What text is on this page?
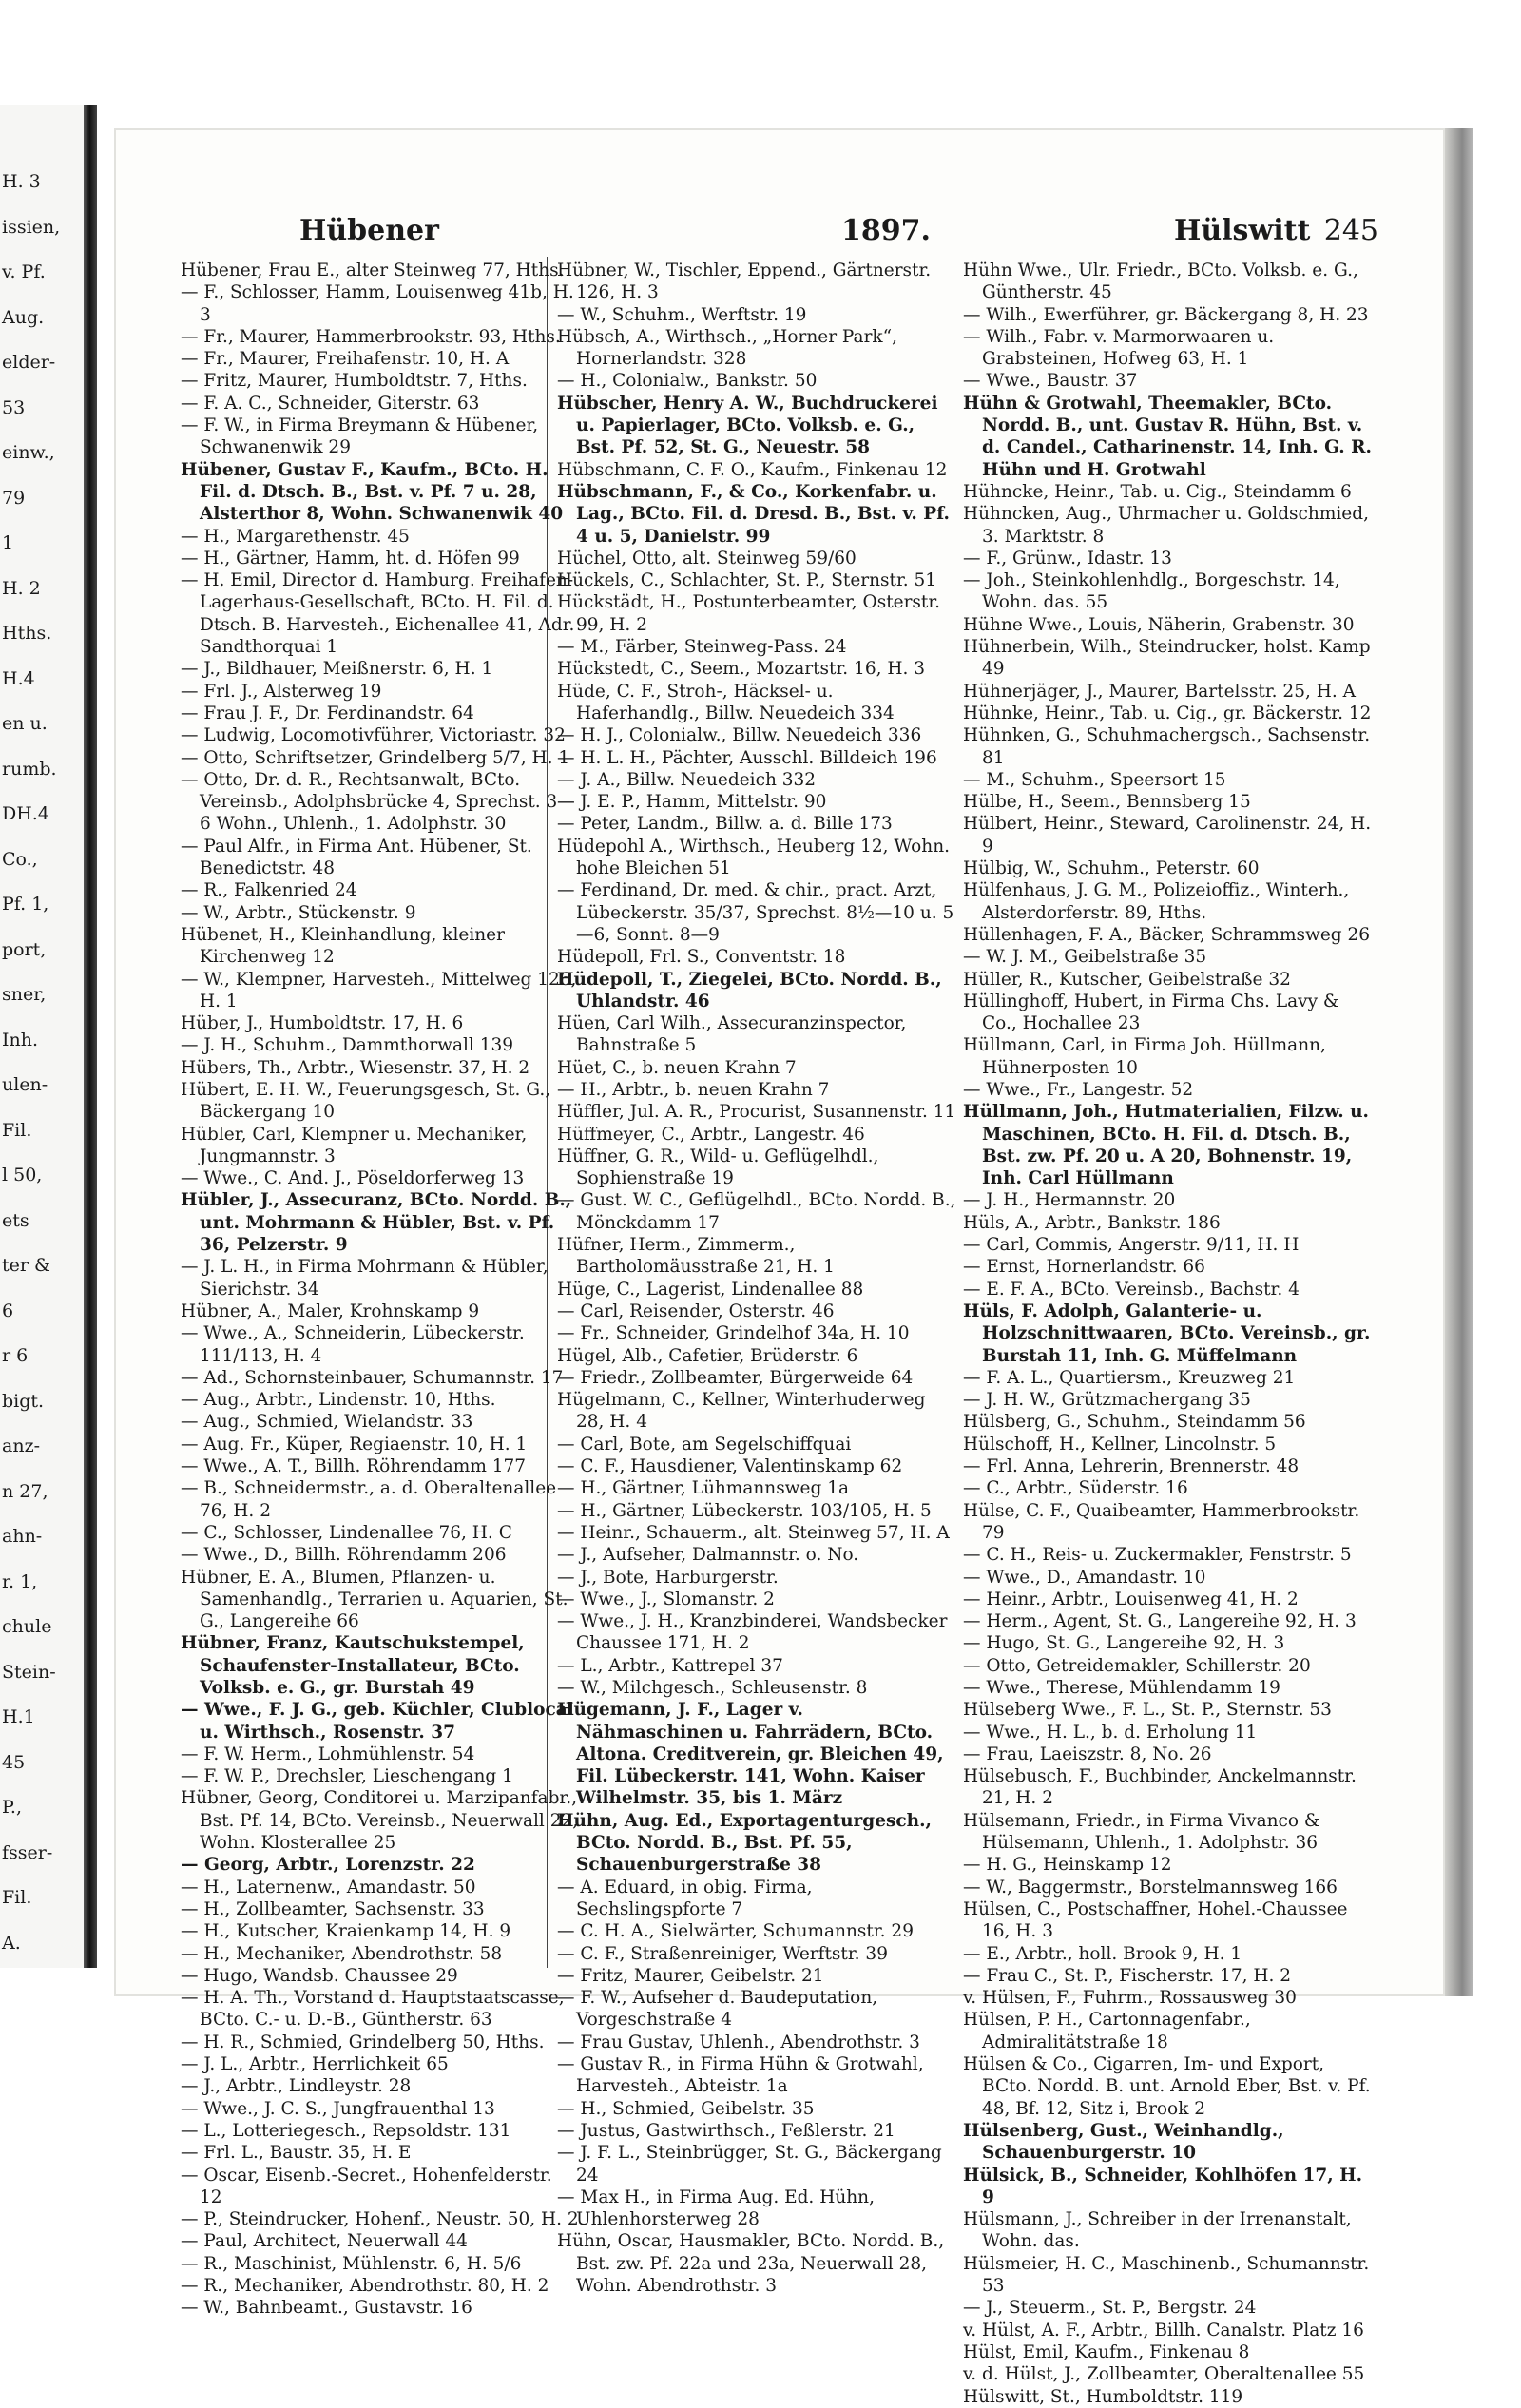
H. 3
issien,
v. Pf.
Aug.
elder-
53
einw.,
79
1
H. 2
Hths.
H.4
en u.
rumb.
DH.4
Co.,
Pf. 1,
port,
sner,
Inh.
ulen-
Fil.
l 50,
ets
ter &
6
r 6
bigt.
anz-
n 27,
ahn-
r. 1,
chule
Stein-
H.1
45
P.,
fsser-
Fil.
A.
Hübener	1897.	Hülswitt 245

Hübener, Frau E., alter Steinweg 77, Hths.

— F., Schlosser, Hamm, Louisenweg 41b, H. 3

— Fr., Maurer, Hammerbrookstr. 93, Hths.

— Fr., Maurer, Freihafenstr. 10, H. A

— Fritz, Maurer, Humboldtstr. 7, Hths.

— F. A. C., Schneider, Giterstr. 63

— F. W., in Firma Breymann & Hübener, Schwanenwik 29

Hübener, Gustav F., Kaufm., BCto. H. Fil. d. Dtsch. B., Bst. v. Pf. 7 u. 28, Alsterthor 8, Wohn. Schwanenwik 40

— H., Margarethenstr. 45

— H., Gärtner, Hamm, ht. d. Höfen 99

— H. Emil, Director d. Hamburg. Freihafen-Lagerhaus-Gesellschaft, BCto. H. Fil. d. Dtsch. B. Harvesteh., Eichenallee 41, Adr. Sandthorquai 1

— J., Bildhauer, Meißnerstr. 6, H. 1

— Frl. J., Alsterweg 19

— Frau J. F., Dr. Ferdinandstr. 64

— Ludwig, Locomotivführer, Victoriastr. 32

— Otto, Schriftsetzer, Grindelberg 5/7, H. 1

— Otto, Dr. d. R., Rechtsanwalt, BCto. Vereinsb., Adolphsbrücke 4, Sprechst. 3—6 Wohn., Uhlenh., 1. Adolphstr. 30

— Paul Alfr., in Firma Ant. Hübener, St. Benedictstr. 48

— R., Falkenried 24

— W., Arbtr., Stückenstr. 9

Hübenet, H., Kleinhandlung, kleiner Kirchenweg 12

— W., Klempner, Harvesteh., Mittelweg 126, H. 1

Hüber, J., Humboldtstr. 17, H. 6

— J. H., Schuhm., Dammthorwall 139

Hübers, Th., Arbtr., Wiesenstr. 37, H. 2

Hübert, E. H. W., Feuerungsgesch, St. G., Bäckergang 10

Hübler, Carl, Klempner u. Mechaniker, Jungmannstr. 3

— Wwe., C. And. J., Pöseldorferweg 13

Hübler, J., Assecuranz, BCto. Nordd. B., unt. Mohrmann & Hübler, Bst. v. Pf. 36, Pelzerstr. 9

— J. L. H., in Firma Mohrmann & Hübler, Sierichstr. 34

Hübner, A., Maler, Krohnskamp 9

— Wwe., A., Schneiderin, Lübeckerstr. 111/113, H. 4

— Ad., Schornsteinbauer, Schumannstr. 17

— Aug., Arbtr., Lindenstr. 10, Hths.

— Aug., Schmied, Wielandstr. 33

— Aug. Fr., Küper, Regiaenstr. 10, H. 1

— Wwe., A. T., Billh. Röhrendamm 177

— B., Schneidermstr., a. d. Oberaltenallee 76, H. 2

— C., Schlosser, Lindenallee 76, H. C

— Wwe., D., Billh. Röhrendamm 206

Hübner, E. A., Blumen, Pflanzen- u. Samenhandlg., Terrarien u. Aquarien, St. G., Langereihe 66

Hübner, Franz, Kautschukstempel, Schaufenster-Installateur, BCto. Volksb. e. G., gr. Burstah 49

— Wwe., F. J. G., geb. Küchler, Clublocal u. Wirthsch., Rosenstr. 37

— F. W. Herm., Lohmühlenstr. 54

— F. W. P., Drechsler, Lieschengang 1

Hübner, Georg, Conditorei u. Marzipanfabr., Bst. Pf. 14, BCto. Vereinsb., Neuerwall 22, Wohn. Klosterallee 25

— Georg, Arbtr., Lorenzstr. 22

— H., Laternenw., Amandastr. 50

— H., Zollbeamter, Sachsenstr. 33

— H., Kutscher, Kraienkamp 14, H. 9

— H., Mechaniker, Abendrothstr. 58

— Hugo, Wandsb. Chaussee 29

— H. A. Th., Vorstand d. Hauptstaatscasse, BCto. C.- u. D.-B., Güntherstr. 63

— H. R., Schmied, Grindelberg 50, Hths.

— J. L., Arbtr., Herrlichkeit 65

— J., Arbtr., Lindleystr. 28

— Wwe., J. C. S., Jungfrauenthal 13

— L., Lotteriegesch., Repsoldstr. 131

— Frl. L., Baustr. 35, H. E

— Oscar, Eisenb.-Secret., Hohenfelderstr. 12

— P., Steindrucker, Hohenf., Neustr. 50, H. 2

— Paul, Architect, Neuerwall 44

— R., Maschinist, Mühlenstr. 6, H. 5/6

— R., Mechaniker, Abendrothstr. 80, H. 2

— W., Bahnbeamt., Gustavstr. 16

Hübner, W., Tischler, Eppend., Gärtnerstr. 126, H. 3

— W., Schuhm., Werftstr. 19

Hübsch, A., Wirthsch., „Horner Park“, Hornerlandstr. 328

— H., Colonialw., Bankstr. 50

Hübscher, Henry A. W., Buchdruckerei u. Papierlager, BCto. Volksb. e. G., Bst. Pf. 52, St. G., Neuestr. 58

Hübschmann, C. F. O., Kaufm., Finkenau 12

Hübschmann, F., & Co., Korkenfabr. u. Lag., BCto. Fil. d. Dresd. B., Bst. v. Pf. 4 u. 5, Danielstr. 99

Hüchel, Otto, alt. Steinweg 59/60

Hückels, C., Schlachter, St. P., Sternstr. 51

Hückstädt, H., Postunterbeamter, Osterstr. 99, H. 2

— M., Färber, Steinweg-Pass. 24

Hückstedt, C., Seem., Mozartstr. 16, H. 3

Hüde, C. F., Stroh-, Häcksel- u. Haferhandlg., Billw. Neuedeich 334

— H. J., Colonialw., Billw. Neuedeich 336

— H. L. H., Pächter, Ausschl. Billdeich 196

— J. A., Billw. Neuedeich 332

— J. E. P., Hamm, Mittelstr. 90

— Peter, Landm., Billw. a. d. Bille 173

Hüdepohl A., Wirthsch., Heuberg 12, Wohn. hohe Bleichen 51

— Ferdinand, Dr. med. & chir., pract. Arzt, Lübeckerstr. 35/37, Sprechst. 8½—10 u. 5—6, Sonnt. 8—9

Hüdepoll, Frl. S., Conventstr. 18

Hüdepoll, T., Ziegelei, BCto. Nordd. B., Uhlandstr. 46

Hüen, Carl Wilh., Assecuranzinspector, Bahnstraße 5

Hüet, C., b. neuen Krahn 7

— H., Arbtr., b. neuen Krahn 7

Hüffler, Jul. A. R., Procurist, Susannenstr. 11

Hüffmeyer, C., Arbtr., Langestr. 46

Hüffner, G. R., Wild- u. Geflügelhdl., Sophienstraße 19

— Gust. W. C., Geflügelhdl., BCto. Nordd. B., Mönckdamm 17

Hüfner, Herm., Zimmerm., Bartholomäusstraße 21, H. 1

Hüge, C., Lagerist, Lindenallee 88

— Carl, Reisender, Osterstr. 46

— Fr., Schneider, Grindelhof 34a, H. 10

Hügel, Alb., Cafetier, Brüderstr. 6

— Friedr., Zollbeamter, Bürgerweide 64

Hügelmann, C., Kellner, Winterhuderweg 28, H. 4

— Carl, Bote, am Segelschiffquai

— C. F., Hausdiener, Valentinskamp 62

— H., Gärtner, Lühmannsweg 1a

— H., Gärtner, Lübeckerstr. 103/105, H. 5

— Heinr., Schauerm., alt. Steinweg 57, H. A

— J., Aufseher, Dalmannstr. o. No.

— J., Bote, Harburgerstr.

— Wwe., J., Slomanstr. 2

— Wwe., J. H., Kranzbinderei, Wandsbecker Chaussee 171, H. 2

— L., Arbtr., Kattrepel 37

— W., Milchgesch., Schleusenstr. 8

Hügemann, J. F., Lager v. Nähmaschinen u. Fahrrädern, BCto. Altona. Creditverein, gr. Bleichen 49, Fil. Lübeckerstr. 141, Wohn. Kaiser Wilhelmstr. 35, bis 1. März

Hühn, Aug. Ed., Exportagenturgesch., BCto. Nordd. B., Bst. Pf. 55, Schauenburgerstraße 38

— A. Eduard, in obig. Firma, Sechslingspforte 7

— C. H. A., Sielwärter, Schumannstr. 29

— C. F., Straßenreiniger, Werftstr. 39

— Fritz, Maurer, Geibelstr. 21

— F. W., Aufseher d. Baudeputation, Vorgeschstraße 4

— Frau Gustav, Uhlenh., Abendrothstr. 3

— Gustav R., in Firma Hühn & Grotwahl, Harvesteh., Abteistr. 1a

— H., Schmied, Geibelstr. 35

— Justus, Gastwirthsch., Feßlerstr. 21

— J. F. L., Steinbrügger, St. G., Bäckergang 24

— Max H., in Firma Aug. Ed. Hühn, Uhlenhorsterweg 28

Hühn, Oscar, Hausmakler, BCto. Nordd. B., Bst. zw. Pf. 22a und 23a, Neuerwall 28, Wohn. Abendrothstr. 3

Hühn Wwe., Ulr. Friedr., BCto. Volksb. e. G., Güntherstr. 45

— Wilh., Ewerführer, gr. Bäckergang 8, H. 23

— Wilh., Fabr. v. Marmorwaaren u. Grabsteinen, Hofweg 63, H. 1

— Wwe., Baustr. 37

Hühn & Grotwahl, Theemakler, BCto. Nordd. B., unt. Gustav R. Hühn, Bst. v. d. Candel., Catharinenstr. 14, Inh. G. R. Hühn und H. Grotwahl

Hühncke, Heinr., Tab. u. Cig., Steindamm 6

Hühncken, Aug., Uhrmacher u. Goldschmied, 3. Marktstr. 8

— F., Grünw., Idastr. 13

— Joh., Steinkohlenhdlg., Borgeschstr. 14, Wohn. das. 55

Hühne Wwe., Louis, Näherin, Grabenstr. 30

Hühnerbein, Wilh., Steindrucker, holst. Kamp 49

Hühnerjäger, J., Maurer, Bartelsstr. 25, H. A

Hühnke, Heinr., Tab. u. Cig., gr. Bäckerstr. 12

Hühnken, G., Schuhmachergsch., Sachsenstr. 81

— M., Schuhm., Speersort 15

Hülbe, H., Seem., Bennsberg 15

Hülbert, Heinr., Steward, Carolinenstr. 24, H. 9

Hülbig, W., Schuhm., Peterstr. 60

Hülfenhaus, J. G. M., Polizeioffiz., Winterh., Alsterdorferstr. 89, Hths.

Hüllenhagen, F. A., Bäcker, Schrammsweg 26

— W. J. M., Geibelstraße 35

Hüller, R., Kutscher, Geibelstraße 32

Hüllinghoff, Hubert, in Firma Chs. Lavy & Co., Hochallee 23

Hüllmann, Carl, in Firma Joh. Hüllmann, Hühnerposten 10

— Wwe., Fr., Langestr. 52

Hüllmann, Joh., Hutmaterialien, Filzw. u. Maschinen, BCto. H. Fil. d. Dtsch. B., Bst. zw. Pf. 20 u. A 20, Bohnenstr. 19, Inh. Carl Hüllmann

— J. H., Hermannstr. 20

Hüls, A., Arbtr., Bankstr. 186

— Carl, Commis, Angerstr. 9/11, H. H

— Ernst, Hornerlandstr. 66

— E. F. A., BCto. Vereinsb., Bachstr. 4

Hüls, F. Adolph, Galanterie- u. Holzschnittwaaren, BCto. Vereinsb., gr. Burstah 11, Inh. G. Müffelmann

— F. A. L., Quartiersm., Kreuzweg 21

— J. H. W., Grützmachergang 35

Hülsberg, G., Schuhm., Steindamm 56

Hülschoff, H., Kellner, Lincolnstr. 5

— Frl. Anna, Lehrerin, Brennerstr. 48

— C., Arbtr., Süderstr. 16

Hülse, C. F., Quaibeamter, Hammerbrookstr. 79

— C. H., Reis- u. Zuckermakler, Fenstrstr. 5

— Wwe., D., Amandastr. 10

— Heinr., Arbtr., Louisenweg 41, H. 2

— Herm., Agent, St. G., Langereihe 92, H. 3

— Hugo, St. G., Langereihe 92, H. 3

— Otto, Getreidemakler, Schillerstr. 20

— Wwe., Therese, Mühlendamm 19

Hülseberg Wwe., F. L., St. P., Sternstr. 53

— Wwe., H. L., b. d. Erholung 11

— Frau, Laeiszstr. 8, No. 26

Hülsebusch, F., Buchbinder, Anckelmannstr. 21, H. 2

Hülsemann, Friedr., in Firma Vivanco & Hülsemann, Uhlenh., 1. Adolphstr. 36

— H. G., Heinskamp 12

— W., Baggermstr., Borstelmannsweg 166

Hülsen, C., Postschaffner, Hohel.-Chaussee 16, H. 3

— E., Arbtr., holl. Brook 9, H. 1

— Frau C., St. P., Fischerstr. 17, H. 2

v. Hülsen, F., Fuhrm., Rossausweg 30

Hülsen, P. H., Cartonnagenfabr., Admiralitätstraße 18

Hülsen & Co., Cigarren, Im- und Export, BCto. Nordd. B. unt. Arnold Eber, Bst. v. Pf. 48, Bf. 12, Sitz i, Brook 2

Hülsenberg, Gust., Weinhandlg., Schauenburgerstr. 10

Hülsick, B., Schneider, Kohlhöfen 17, H. 9

Hülsmann, J., Schreiber in der Irrenanstalt, Wohn. das.

Hülsmeier, H. C., Maschinenb., Schumannstr. 53

— J., Steuerm., St. P., Bergstr. 24

v. Hülst, A. F., Arbtr., Billh. Canalstr. Platz 16

Hülst, Emil, Kaufm., Finkenau 8

v. d. Hülst, J., Zollbeamter, Oberaltenallee 55

Hülswitt, St., Humboldtstr. 119
